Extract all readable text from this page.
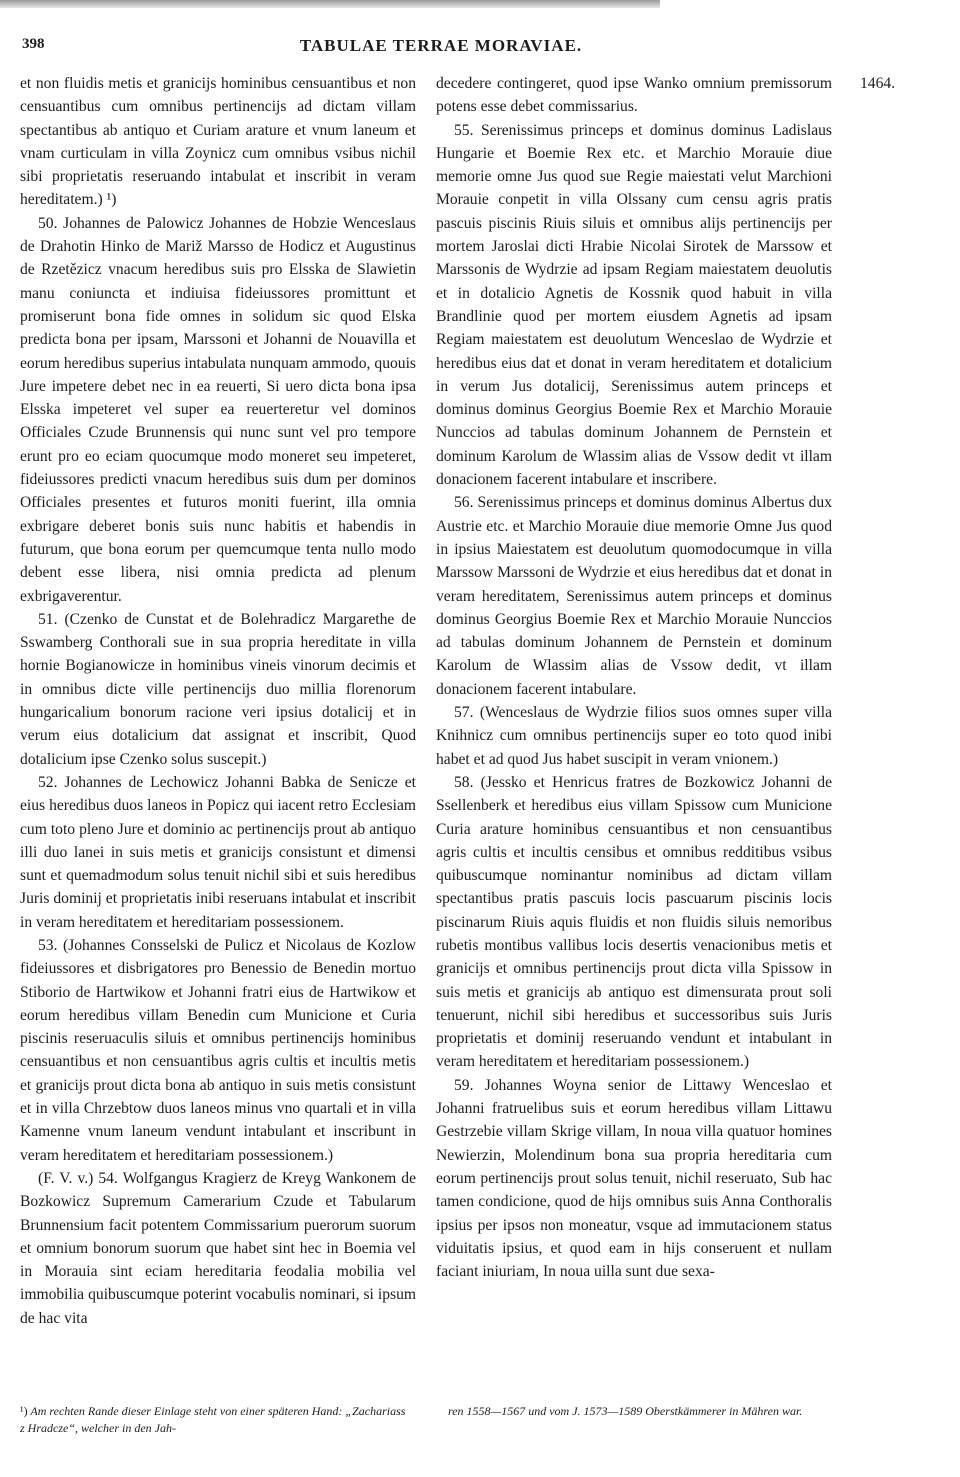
398	TABULAE TERRAE MORAVIAE.
1464.

et non fluidis metis et granicijs hominibus censuantibus et non censuantibus cum omnibus pertinencijs ad dictam villam spectantibus ab antiquo et Curiam arature et vnum laneum et vnam curticulam in villa Zoynicz cum omnibus vsibus nichil sibi proprietatis reseruando intabulat et inscribit in veram hereditatem.) ¹)

50. Johannes de Palowicz Johannes de Hobzie Wenceslaus de Drahotin Hinko de Mariž Marsso de Hodicz et Augustinus de Rzetězicz vnacum heredibus suis pro Elsska de Slawietin manu coniuncta et indiuisa fideiussores promittunt et promiserunt bona fide omnes in solidum sic quod Elska predicta bona per ipsam, Marssoni et Johanni de Nouavilla et eorum heredibus superius intabulata nunquam ammodo, quouis Jure impetere debet nec in ea reuerti, Si uero dicta bona ipsa Elsska impeteret vel super ea reuerteretur vel dominos Officiales Czude Brunnensis qui nunc sunt vel pro tempore erunt pro eo eciam quocumque modo moneret seu impeteret, fideiussores predicti vnacum heredibus suis dum per dominos Officiales presentes et futuros moniti fuerint, illa omnia exbrigare deberet bonis suis nunc habitis et habendis in futurum, que bona eorum per quemcumque tenta nullo modo debent esse libera, nisi omnia predicta ad plenum exbrigaverentur.

51. (Czenko de Cunstat et de Bolehradicz Margarethe de Sswamberg Conthorali sue in sua propria hereditate in villa hornie Bogianowicze in hominibus vineis vinorum decimis et in omnibus dicte ville pertinencijs duo millia florenorum hungaricalium bonorum racione veri ipsius dotalicij et in verum eius dotalicium dat assignat et inscribit, Quod dotalicium ipse Czenko solus suscepit.)

52. Johannes de Lechowicz Johanni Babka de Senicze et eius heredibus duos laneos in Popicz qui iacent retro Ecclesiam cum toto pleno Jure et dominio ac pertinencijs prout ab antiquo illi duo lanei in suis metis et granicijs consistunt et dimensi sunt et quemadmodum solus tenuit nichil sibi et suis heredibus Juris dominij et proprietatis inibi reseruans intabulat et inscribit in veram hereditatem et hereditariam possessionem.

53. (Johannes Consselski de Pulicz et Nicolaus de Kozlow fideiussores et disbrigatores pro Benessio de Benedin mortuo Stiborio de Hartwikow et Johanni fratri eius de Hartwikow et eorum heredibus villam Benedin cum Municione et Curia piscinis reseruaculis siluis et omnibus pertinencijs hominibus censuantibus et non censuantibus agris cultis et incultis metis et granicijs prout dicta bona ab antiquo in suis metis consistunt et in villa Chrzebtow duos laneos minus vno quartali et in villa Kamenne vnum laneum vendunt intabulant et inscribunt in veram hereditatem et hereditariam possessionem.)

(F. V. v.) 54. Wolfgangus Kragierz de Kreyg Wankonem de Bozkowicz Supremum Camerarium Czude et Tabularum Brunnensium facit potentem Commissarium puerorum suorum et omnium bonorum suorum que habet sint hec in Boemia vel in Morauia sint eciam hereditaria feodalia mobilia vel immobilia quibuscumque poterint vocabulis nominari, si ipsum de hac vita

decedere contingeret, quod ipse Wanko omnium premissorum potens esse debet commissarius.

55. Serenissimus princeps et dominus dominus Ladislaus Hungarie et Boemie Rex etc. et Marchio Morauie diue memorie omne Jus quod sue Regie maiestati velut Marchioni Morauie conpetit in villa Olssany cum censu agris pratis pascuis piscinis Riuis siluis et omnibus alijs pertinencijs per mortem Jaroslai dicti Hrabie Nicolai Sirotek de Marssow et Marssonis de Wydrzie ad ipsam Regiam maiestatem deuolutis et in dotalicio Agnetis de Kossnik quod habuit in villa Brandlinie quod per mortem eiusdem Agnetis ad ipsam Regiam maiestatem est deuolutum Wenceslao de Wydrzie et heredibus eius dat et donat in veram hereditatem et dotalicium in verum Jus dotalicij, Serenissimus autem princeps et dominus dominus Georgius Boemie Rex et Marchio Morauie Nunccios ad tabulas dominum Johannem de Pernstein et dominum Karolum de Wlassim alias de Vssow dedit vt illam donacionem facerent intabulare et inscribere.

56. Serenissimus princeps et dominus dominus Albertus dux Austrie etc. et Marchio Morauie diue memorie Omne Jus quod in ipsius Maiestatem est deuolutum quomodocumque in villa Marssow Marssoni de Wydrzie et eius heredibus dat et donat in veram hereditatem, Serenissimus autem princeps et dominus dominus Georgius Boemie Rex et Marchio Morauie Nunccios ad tabulas dominum Johannem de Pernstein et dominum Karolum de Wlassim alias de Vssow dedit, vt illam donacionem facerent intabulare.

57. (Wenceslaus de Wydrzie filios suos omnes super villa Knihnicz cum omnibus pertinencijs super eo toto quod inibi habet et ad quod Jus habet suscipit in veram vnionem.)

58. (Jessko et Henricus fratres de Bozkowicz Johanni de Ssellenberk et heredibus eius villam Spissow cum Municione Curia arature hominibus censuantibus et non censuantibus agris cultis et incultis censibus et omnibus redditibus vsibus quibuscumque nominantur nominibus ad dictam villam spectantibus pratis pascuis locis pascuarum piscinis locis piscinarum Riuis aquis fluidis et non fluidis siluis nemoribus rubetis montibus vallibus locis desertis venacionibus metis et granicijs et omnibus pertinencijs prout dicta villa Spissow in suis metis et granicijs ab antiquo est dimensurata prout soli tenuerunt, nichil sibi heredibus et successoribus suis Juris proprietatis et dominij reseruando vendunt et intabulant in veram hereditatem et hereditariam possessionem.)

59. Johannes Woyna senior de Littawy Wenceslao et Johanni fratruelibus suis et eorum heredibus villam Littawu Gestrzebie villam Skrige villam, In noua villa quatuor homines Newierzin, Molendinum bona sua propria hereditaria cum eorum pertinencijs prout solus tenuit, nichil reseruato, Sub hac tamen condicione, quod de hijs omnibus suis Anna Conthoralis ipsius per ipsos non moneatur, vsque ad immutacionem status viduitatis ipsius, et quod eam in hijs conseruent et nullam faciant iniuriam, In noua uilla sunt due sexa-

¹) Am rechten Rande dieser Einlage steht von einer späteren Hand: „Zachariass z Hradcze“, welcher in den Jah-

ren 1558—1567 und vom J. 1573—1589 Oberstkämmerer in Mähren war.
